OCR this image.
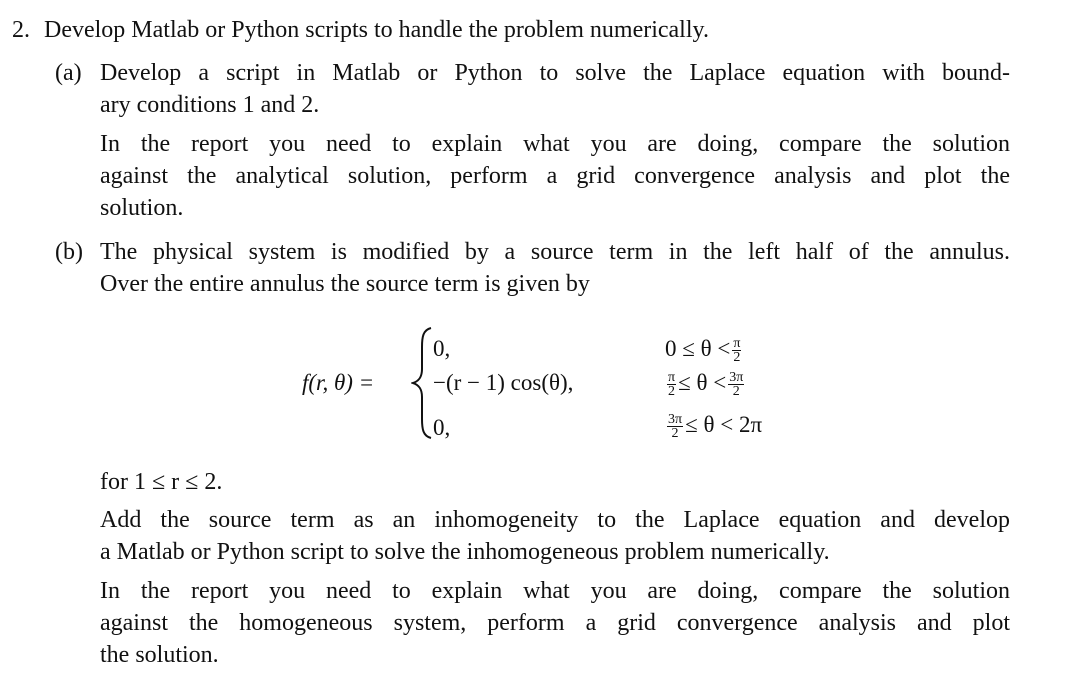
2. Develop Matlab or Python scripts to handle the problem numerically.
(a) Develop a script in Matlab or Python to solve the Laplace equation with bound-
ary conditions 1 and 2.
In the report you need to explain what you are doing, compare the solution
against the analytical solution, perform a grid convergence analysis and plot the
solution.
(b) The physical system is modified by a source term in the left half of the annulus.
Over the entire annulus the source term is given by
f(r, θ) =
0,
−(r − 1) cos(θ),
0,
$0 \le \theta < \frac{\pi}{2}$
$\frac{\pi}{2} \le \theta < \frac{3\pi}{2}$
$\frac{3\pi}{2} \le \theta < 2\pi$
for 1 ≤ r ≤ 2.
Add the source term as an inhomogeneity to the Laplace equation and develop
a Matlab or Python script to solve the inhomogeneous problem numerically.
In the report you need to explain what you are doing, compare the solution
against the homogeneous system, perform a grid convergence analysis and plot
the solution.
